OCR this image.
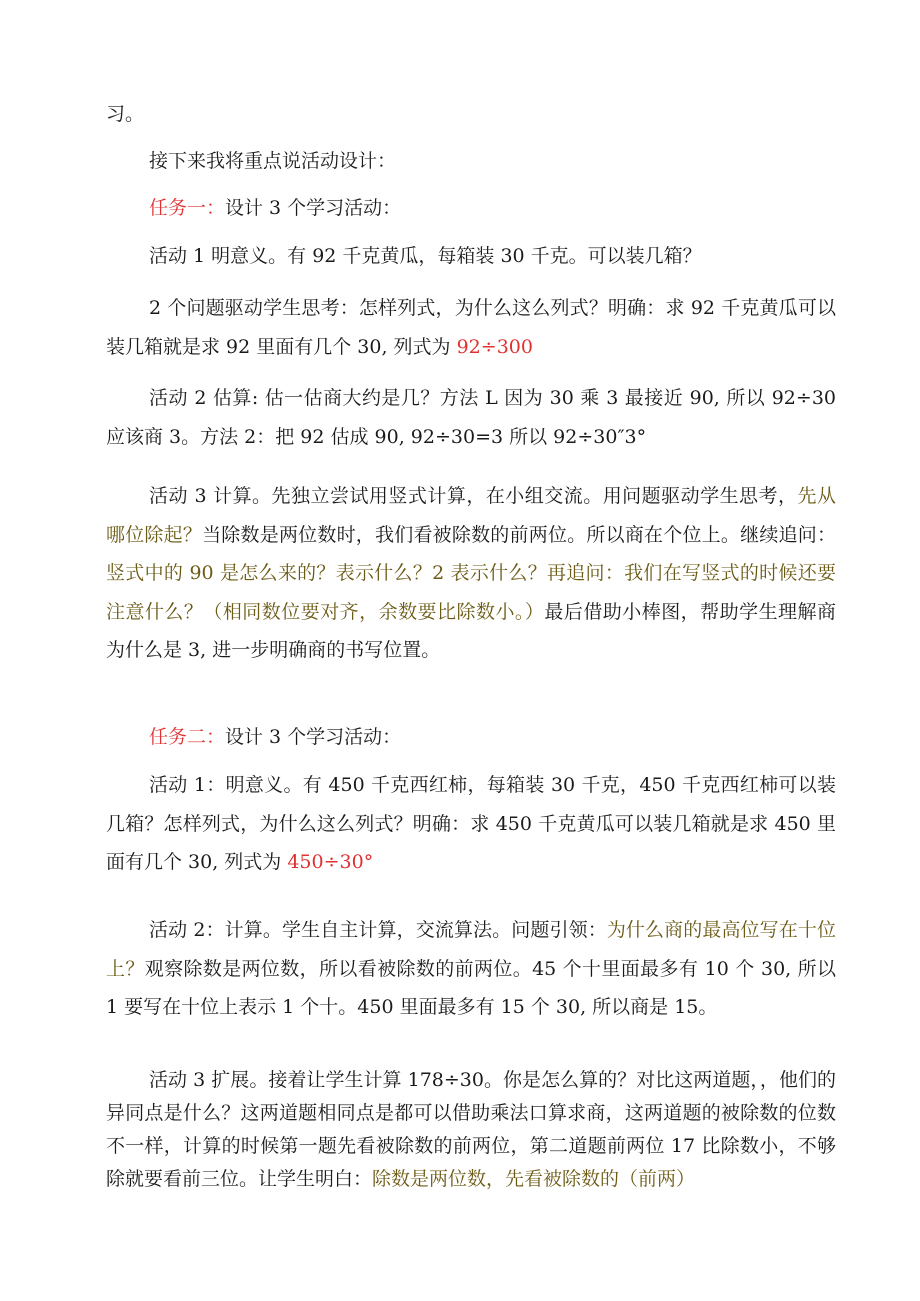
习。

接下来我将重点说活动设计：

任务一：设计 3 个学习活动：

活动 1 明意义。有 92 千克黄瓜，每箱装 30 千克。可以装几箱？

2 个问题驱动学生思考：怎样列式，为什么这么列式？明确：求 92 千克黄瓜可以装几箱就是求 92 里面有几个 30, 列式为 92÷300

活动 2 估算: 估一估商大约是几？方法 L 因为 30 乘 3 最接近 90, 所以 92÷30 应该商 3。方法 2：把 92 估成 90, 92÷30=3 所以 92÷30″3°

活动 3 计算。先独立尝试用竖式计算，在小组交流。用问题驱动学生思考，先从哪位除起？当除数是两位数时，我们看被除数的前两位。所以商在个位上。继续追问：竖式中的 90 是怎么来的？表示什么？2 表示什么？再追问：我们在写竖式的时候还要注意什么？（相同数位要对齐，余数要比除数小。）最后借助小棒图，帮助学生理解商为什么是 3, 进一步明确商的书写位置。

任务二：设计 3 个学习活动：

活动 1：明意义。有 450 千克西红柿，每箱装 30 千克，450 千克西红柿可以装几箱？怎样列式，为什么这么列式？明确：求 450 千克黄瓜可以装几箱就是求 450 里面有几个 30, 列式为 450÷30°

活动 2：计算。学生自主计算，交流算法。问题引领：为什么商的最高位写在十位上？观察除数是两位数，所以看被除数的前两位。45 个十里面最多有 10 个 30, 所以 1 要写在十位上表示 1 个十。450 里面最多有 15 个 30, 所以商是 15。

活动 3 扩展。接着让学生计算 178÷30。你是怎么算的？对比这两道题，，他们的异同点是什么？这两道题相同点是都可以借助乘法口算求商，这两道题的被除数的位数不一样，计算的时候第一题先看被除数的前两位，第二道题前两位 17 比除数小，不够除就要看前三位。让学生明白：除数是两位数，先看被除数的（前两）
